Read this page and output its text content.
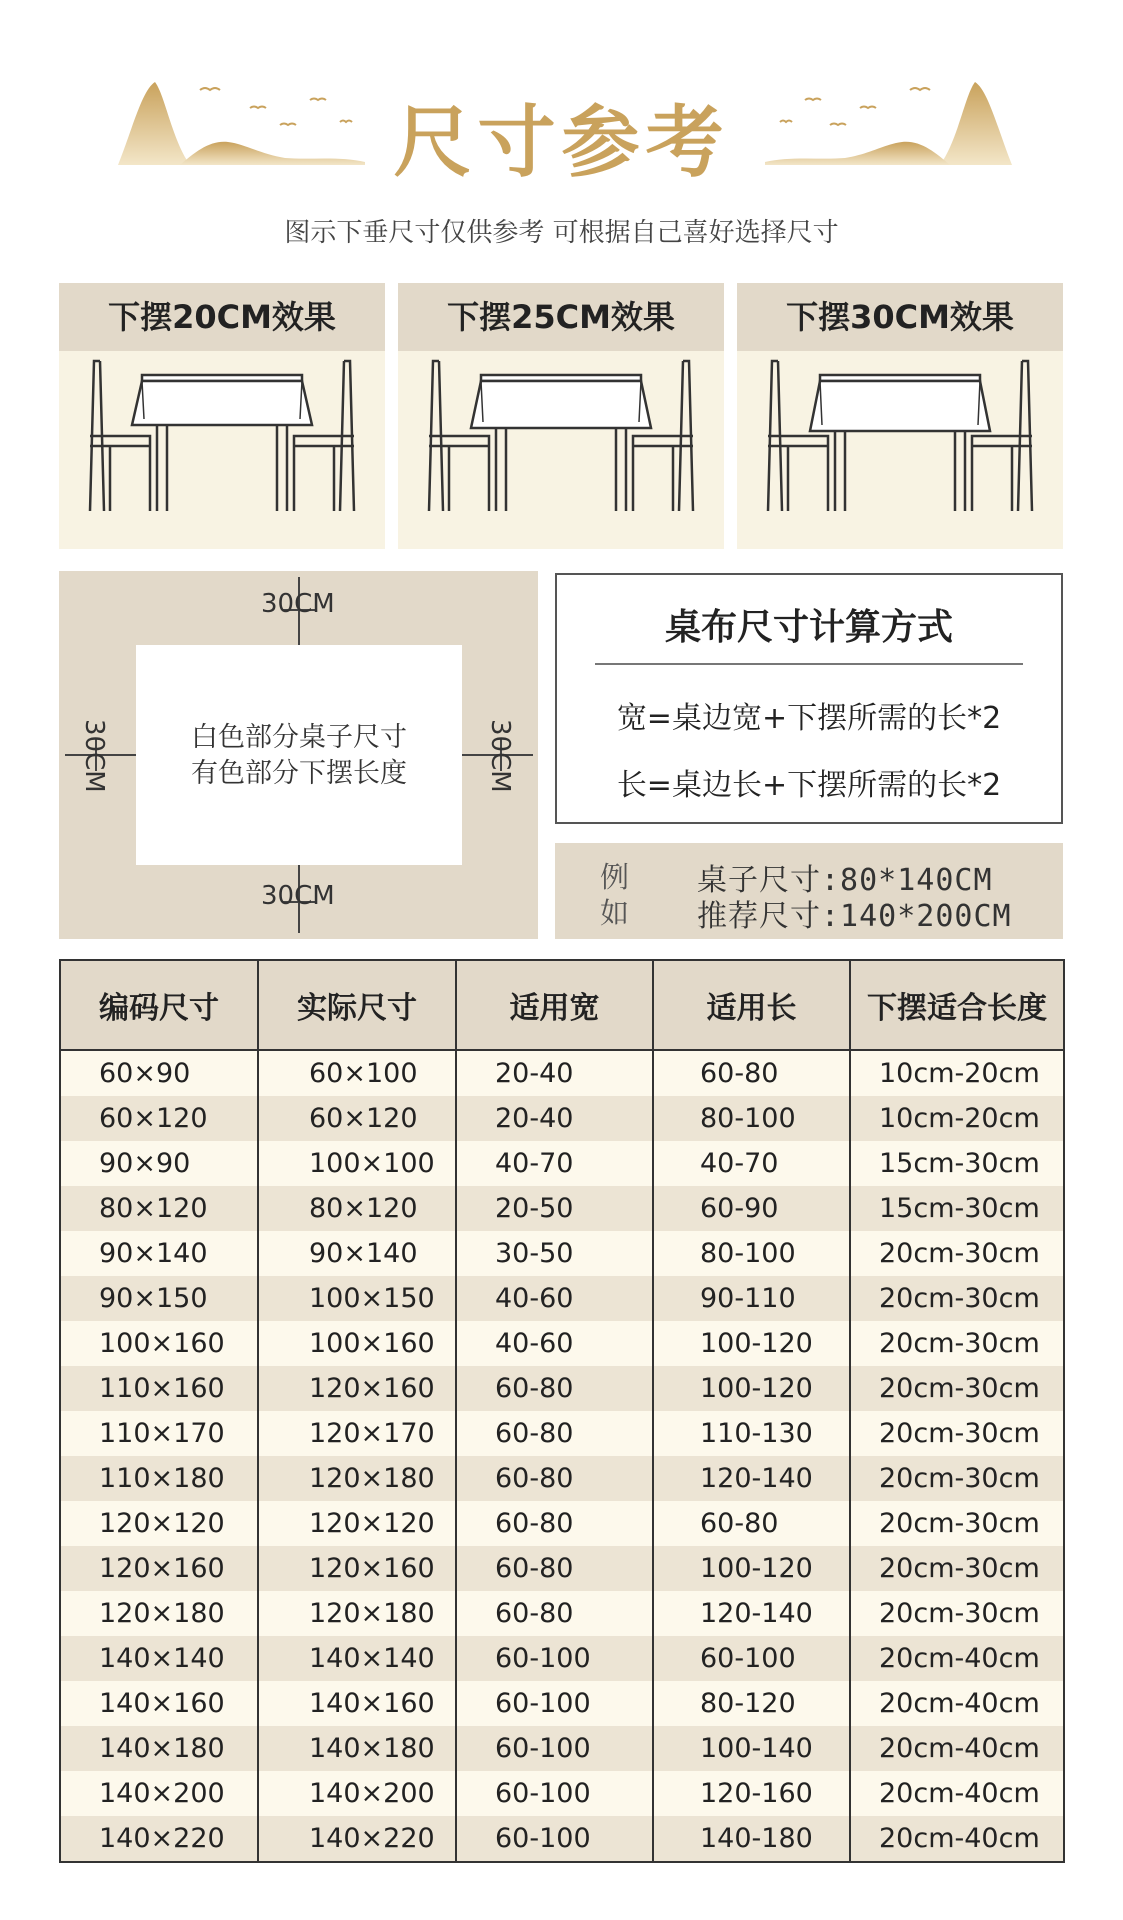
尺寸参考
图示下垂尺寸仅供参考 可根据自己喜好选择尺寸
下摆20CM效果	下摆25CM效果	下摆30CM效果
白色部分桌子尺寸
有色部分下摆长度
30CM
30CM
30CM	30CM
桌布尺寸计算方式
宽=桌边宽+下摆所需的长*2
长=桌边长+下摆所需的长*2
例
如
桌子尺寸:80*140CM
推荐尺寸:140*200CM
编码尺寸	实际尺寸	适用宽	适用长	下摆适合长度

60×90	60×100	20-40	60-80	10cm-20cm

60×120	60×120	20-40	80-100	10cm-20cm

90×90	100×100	40-70	40-70	15cm-30cm

80×120	80×120	20-50	60-90	15cm-30cm

90×140	90×140	30-50	80-100	20cm-30cm

90×150	100×150	40-60	90-110	20cm-30cm

100×160	100×160	40-60	100-120	20cm-30cm

110×160	120×160	60-80	100-120	20cm-30cm

110×170	120×170	60-80	110-130	20cm-30cm

110×180	120×180	60-80	120-140	20cm-30cm

120×120	120×120	60-80	60-80	20cm-30cm

120×160	120×160	60-80	100-120	20cm-30cm

120×180	120×180	60-80	120-140	20cm-30cm

140×140	140×140	60-100	60-100	20cm-40cm

140×160	140×160	60-100	80-120	20cm-40cm

140×180	140×180	60-100	100-140	20cm-40cm

140×200	140×200	60-100	120-160	20cm-40cm

140×220	140×220	60-100	140-180	20cm-40cm
